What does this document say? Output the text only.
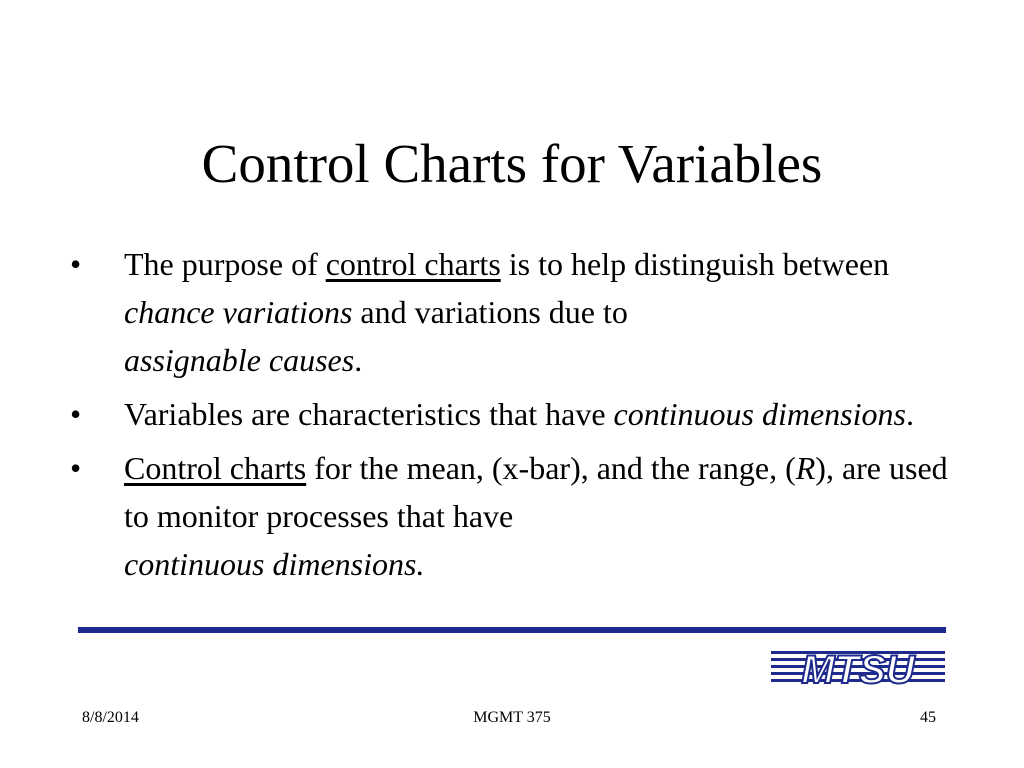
Control Charts for Variables
•	The purpose of control charts is to help distinguish between chance variations and variations due to
assignable causes.
•	Variables are characteristics that have continuous dimensions.
•	Control charts for the mean, (x-bar), and the range, (R), are used to monitor processes that have
continuous dimensions.
MTSU
8/8/2014	MGMT 375	45
